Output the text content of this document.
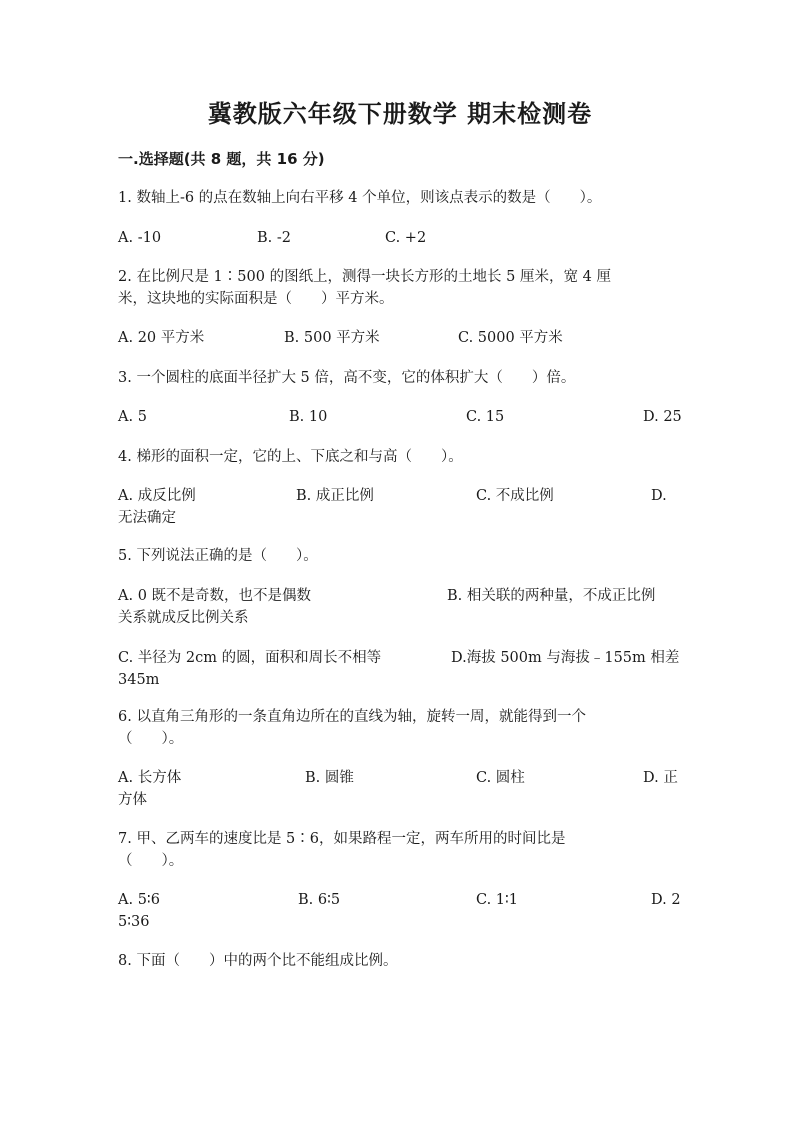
冀教版六年级下册数学 期末检测卷
一.选择题(共 8 题，共 16 分)
1. 数轴上-6 的点在数轴上向右平移 4 个单位，则该点表示的数是（　　）。
A. -10	B. -2	C. +2
2. 在比例尺是 1∶500 的图纸上，测得一块长方形的土地长 5 厘米，宽 4 厘
米，这块地的实际面积是（　　）平方米。
A. 20 平方米	B. 500 平方米	C. 5000 平方米
3. 一个圆柱的底面半径扩大 5 倍，高不变，它的体积扩大（　　）倍。
A. 5	B. 10	C. 15	D. 25
4. 梯形的面积一定，它的上、下底之和与高（　　）。
A. 成反比例	B. 成正比例	C. 不成比例	D.
无法确定
5. 下列说法正确的是（　　）。
A. 0 既不是奇数，也不是偶数	B. 相关联的两种量，不成正比例
关系就成反比例关系
C. 半径为 2cm 的圆，面积和周长不相等	D.海拔 500m 与海拔﹣155m 相差
345m
6. 以直角三角形的一条直角边所在的直线为轴，旋转一周，就能得到一个
（　　）。
A. 长方体	B. 圆锥	C. 圆柱	D. 正
方体
7. 甲、乙两车的速度比是 5∶6，如果路程一定，两车所用的时间比是
（　　）。
A. 5∶6	B. 6∶5	C. 1∶1	D. 2
5∶36
8. 下面（　　）中的两个比不能组成比例。
